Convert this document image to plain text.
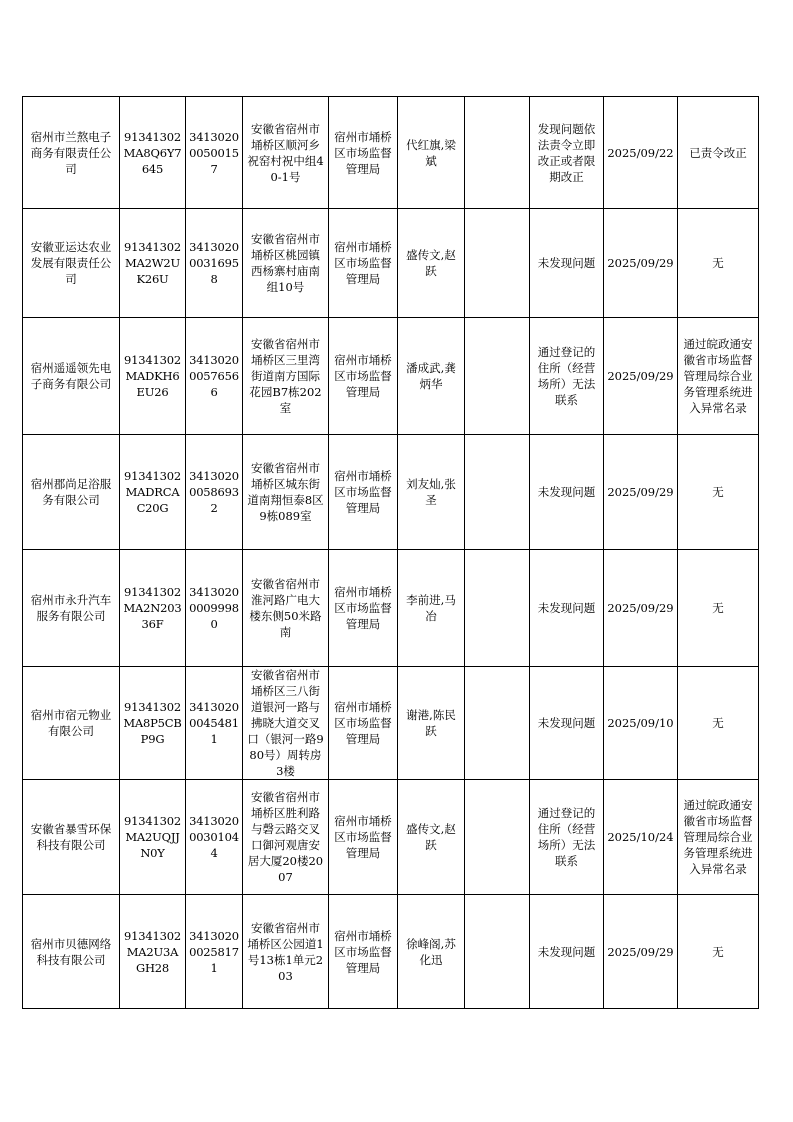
宿州市兰熬电子商务有限责任公司	91341302MA8Q6Y7645	341302000500157	安徽省宿州市埇桥区顺河乡祝窑村祝中组40-1号	宿州市埇桥区市场监督管理局	代红旗,梁斌		发现问题依法责令立即改正或者限期改正	2025/09/22	已责令改正
安徽亚运达农业发展有限责任公司	91341302MA2W2UK26U	341302000316958	安徽省宿州市埇桥区桃园镇西杨寨村庙南组10号	宿州市埇桥区市场监督管理局	盛传文,赵跃		未发现问题	2025/09/29	无
宿州遥遥领先电子商务有限公司	91341302MADKH6EU26	341302000576566	安徽省宿州市埇桥区三里湾街道南方国际花园B7栋202室	宿州市埇桥区市场监督管理局	潘成武,龚炳华		通过登记的住所（经营场所）无法联系	2025/09/29	通过皖政通安徽省市场监督管理局综合业务管理系统进入异常名录
宿州郡尚足浴服务有限公司	91341302MADRCAC20G	341302000586932	安徽省宿州市埇桥区城东街道南翔恒泰8区9栋089室	宿州市埇桥区市场监督管理局	刘友灿,张圣		未发现问题	2025/09/29	无
宿州市永升汽车服务有限公司	91341302MA2N20336F	341302000099980	安徽省宿州市淮河路广电大楼东侧50米路南	宿州市埇桥区市场监督管理局	李前进,马冶		未发现问题	2025/09/29	无
宿州市宿元物业有限公司	91341302MA8P5CBP9G	341302000454811	安徽省宿州市埇桥区三八街道银河一路与拂晓大道交叉口（银河一路980号）周转房3楼	宿州市埇桥区市场监督管理局	谢港,陈民跃		未发现问题	2025/09/10	无
安徽省暴雪环保科技有限公司	91341302MA2UQJJN0Y	341302000301044	安徽省宿州市埇桥区胜利路与磬云路交叉口御河观唐安居大厦20楼2007	宿州市埇桥区市场监督管理局	盛传文,赵跃		通过登记的住所（经营场所）无法联系	2025/10/24	通过皖政通安徽省市场监督管理局综合业务管理系统进入异常名录
宿州市贝德网络科技有限公司	91341302MA2U3AGH28	341302000258171	安徽省宿州市埇桥区公园道1号13栋1单元203	宿州市埇桥区市场监督管理局	徐峰阁,苏化迅		未发现问题	2025/09/29	无
